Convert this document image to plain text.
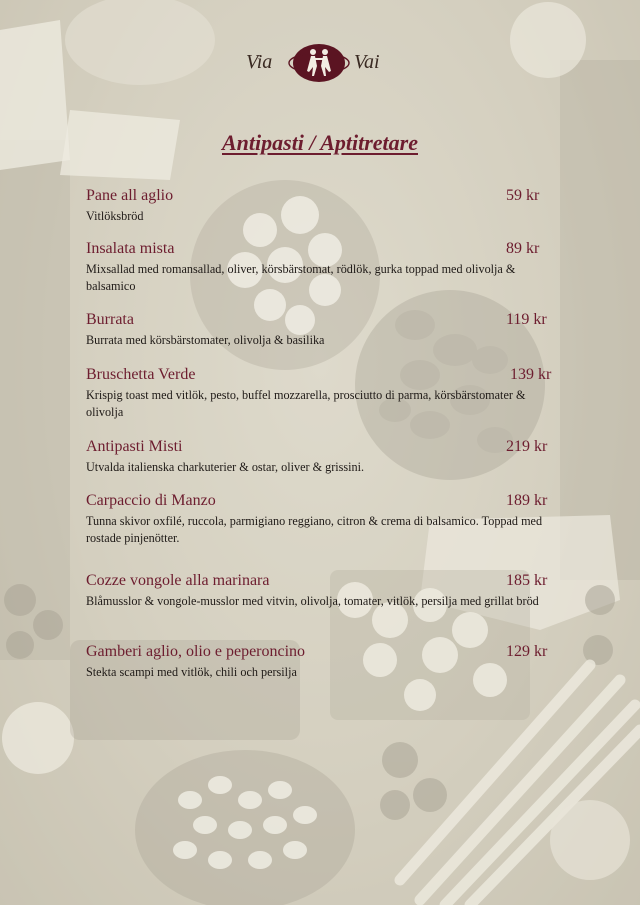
Via	Vai
Antipasti / Aptitretare
Pane all aglio	59 kr
Vitlöksbröd
Insalata mista	89 kr
Mixsallad med romansallad, oliver, körsbärstomat, rödlök, gurka toppad med olivolja & balsamico
Burrata	119 kr
Burrata med körsbärstomater, olivolja & basilika
Bruschetta Verde	139 kr
Krispig toast med vitlök, pesto, buffel mozzarella, prosciutto di parma, körsbärstomater & olivolja
Antipasti Misti	219 kr
Utvalda italienska charkuterier & ostar, oliver & grissini.
Carpaccio di Manzo	189 kr
Tunna skivor oxfilé, ruccola, parmigiano reggiano, citron & crema di balsamico. Toppad med rostade pinjenötter.
Cozze vongole alla marinara	185 kr
Blåmusslor & vongole-musslor med vitvin, olivolja, tomater, vitlök, persilja med grillat bröd
Gamberi aglio, olio e peperoncino	129 kr
Stekta scampi med vitlök, chili och persilja
